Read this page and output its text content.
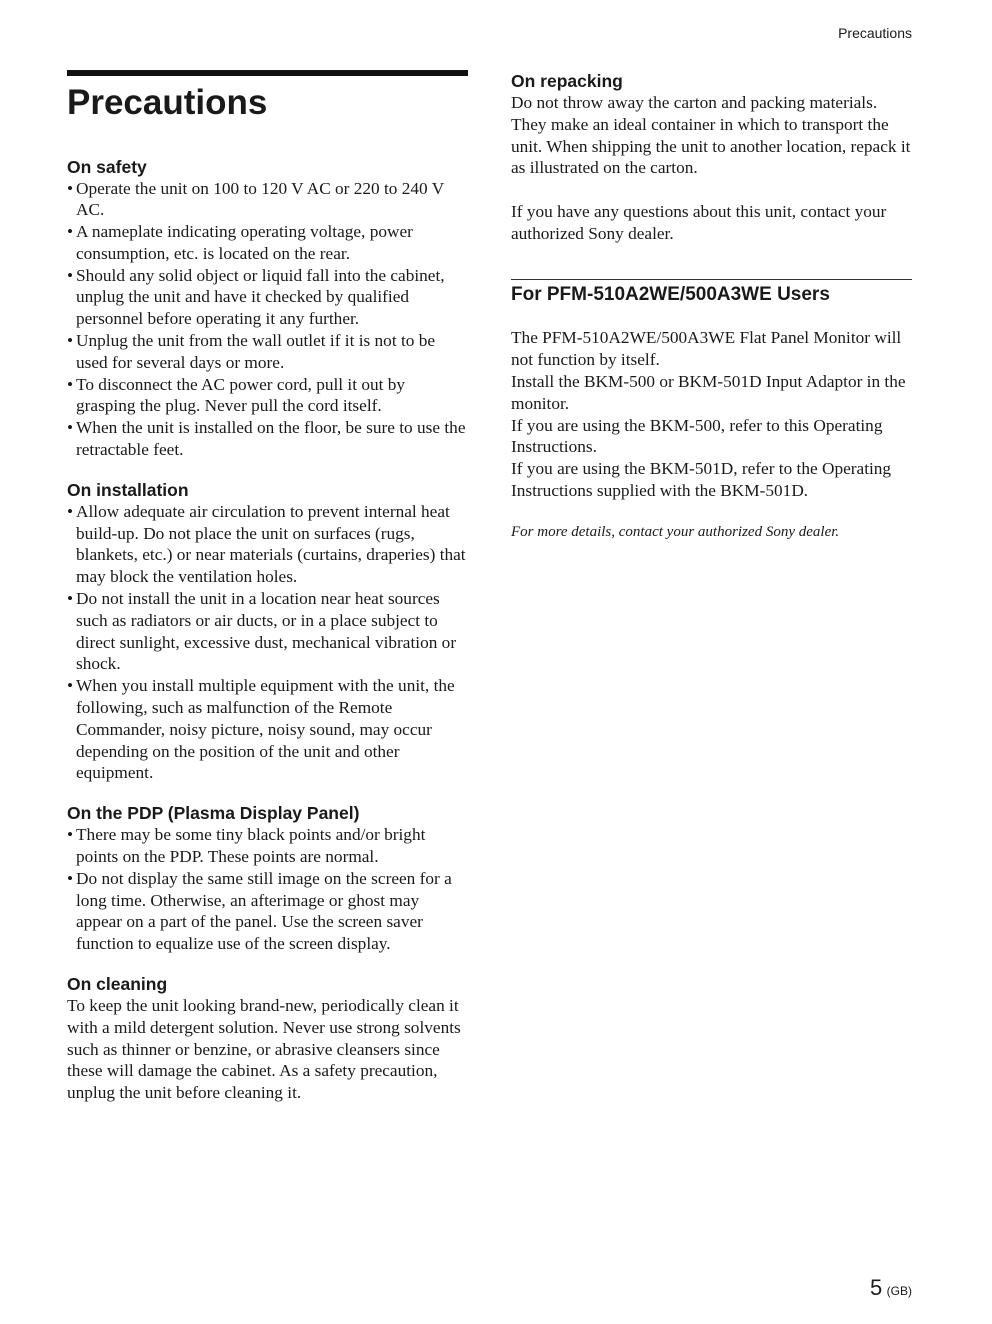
Precautions
Precautions
On safety
• Operate the unit on 100 to 120 V AC or 220 to 240 V AC.
• A nameplate indicating operating voltage, power consumption, etc. is located on the rear.
• Should any solid object or liquid fall into the cabinet, unplug the unit and have it checked by qualified personnel before operating it any further.
• Unplug the unit from the wall outlet if it is not to be used for several days or more.
• To disconnect the AC power cord, pull it out by grasping the plug. Never pull the cord itself.
• When the unit is installed on the floor, be sure to use the retractable feet.
On installation
• Allow adequate air circulation to prevent internal heat build-up. Do not place the unit on surfaces (rugs, blankets, etc.) or near materials (curtains, draperies) that may block the ventilation holes.
• Do not install the unit in a location near heat sources such as radiators or air ducts, or in a place subject to direct sunlight, excessive dust, mechanical vibration or shock.
• When you install multiple equipment with the unit, the following, such as malfunction of the Remote Commander, noisy picture, noisy sound, may occur depending on the position of the unit and other equipment.
On the PDP (Plasma Display Panel)
• There may be some tiny black points and/or bright points on the PDP. These points are normal.
• Do not display the same still image on the screen for a long time. Otherwise, an afterimage or ghost may appear on a part of the panel. Use the screen saver function to equalize use of the screen display.
On cleaning

To keep the unit looking brand-new, periodically clean it with a mild detergent solution. Never use strong solvents such as thinner or benzine, or abrasive cleansers since these will damage the cabinet. As a safety precaution, unplug the unit before cleaning it.

On repacking

Do not throw away the carton and packing materials. They make an ideal container in which to transport the unit. When shipping the unit to another location, repack it as illustrated on the carton.

If you have any questions about this unit, contact your authorized Sony dealer.

For PFM-510A2WE/500A3WE Users

The PFM-510A2WE/500A3WE Flat Panel Monitor will not function by itself.

Install the BKM-500 or BKM-501D Input Adaptor in the monitor.

If you are using the BKM-500, refer to this Operating Instructions.

If you are using the BKM-501D, refer to the Operating Instructions supplied with the BKM-501D.

For more details, contact your authorized Sony dealer.

5 (GB)
